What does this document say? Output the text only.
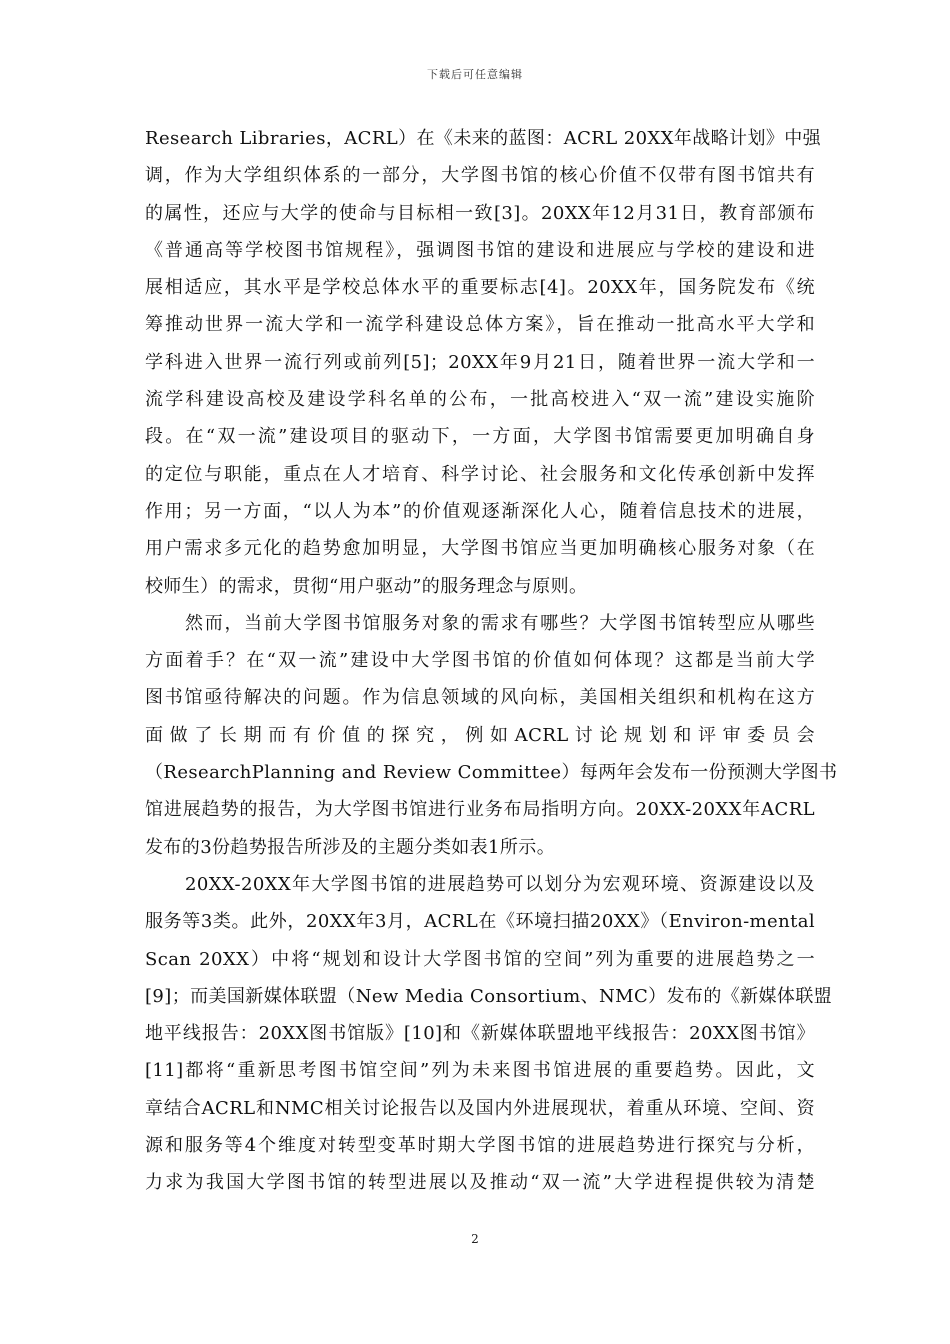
下载后可任意编辑
Research Libraries，ACRL）在《未来的蓝图：ACRL 20XX年战略计划》中强
调，作为大学组织体系的一部分，大学图书馆的核心价值不仅带有图书馆共有
的属性，还应与大学的使命与目标相一致[3]。20XX年12月31日，教育部颁布
《普通高等学校图书馆规程》，强调图书馆的建设和进展应与学校的建设和进
展相适应，其水平是学校总体水平的重要标志[4]。20XX年，国务院发布《统
筹推动世界一流大学和一流学科建设总体方案》，旨在推动一批高水平大学和
学科进入世界一流行列或前列[5]；20XX年9月21日，随着世界一流大学和一
流学科建设高校及建设学科名单的公布，一批高校进入“双一流”建设实施阶
段。在“双一流”建设项目的驱动下，一方面，大学图书馆需要更加明确自身
的定位与职能，重点在人才培育、科学讨论、社会服务和文化传承创新中发挥
作用；另一方面，“以人为本”的价值观逐渐深化人心，随着信息技术的进展，
用户需求多元化的趋势愈加明显，大学图书馆应当更加明确核心服务对象（在
校师生）的需求，贯彻“用户驱动”的服务理念与原则。
然而，当前大学图书馆服务对象的需求有哪些？大学图书馆转型应从哪些
方面着手？在“双一流”建设中大学图书馆的价值如何体现？这都是当前大学
图书馆亟待解决的问题。作为信息领域的风向标，美国相关组织和机构在这方
面做了长期而有价值的探究，例如ACRL讨论规划和评审委员会
（ResearchPlanning and Review Committee）每两年会发布一份预测大学图书
馆进展趋势的报告，为大学图书馆进行业务布局指明方向。20XX-20XX年ACRL
发布的3份趋势报告所涉及的主题分类如表1所示。
20XX-20XX年大学图书馆的进展趋势可以划分为宏观环境、资源建设以及
服务等3类。此外，20XX年3月，ACRL在《环境扫描20XX》（Environ-mental
Scan 20XX）中将“规划和设计大学图书馆的空间”列为重要的进展趋势之一
[9]；而美国新媒体联盟（New Media Consortium、NMC）发布的《新媒体联盟
地平线报告：20XX图书馆版》[10]和《新媒体联盟地平线报告：20XX图书馆》
[11]都将“重新思考图书馆空间”列为未来图书馆进展的重要趋势。因此，文
章结合ACRL和NMC相关讨论报告以及国内外进展现状，着重从环境、空间、资
源和服务等4个维度对转型变革时期大学图书馆的进展趋势进行探究与分析，
力求为我国大学图书馆的转型进展以及推动“双一流”大学进程提供较为清楚
2
